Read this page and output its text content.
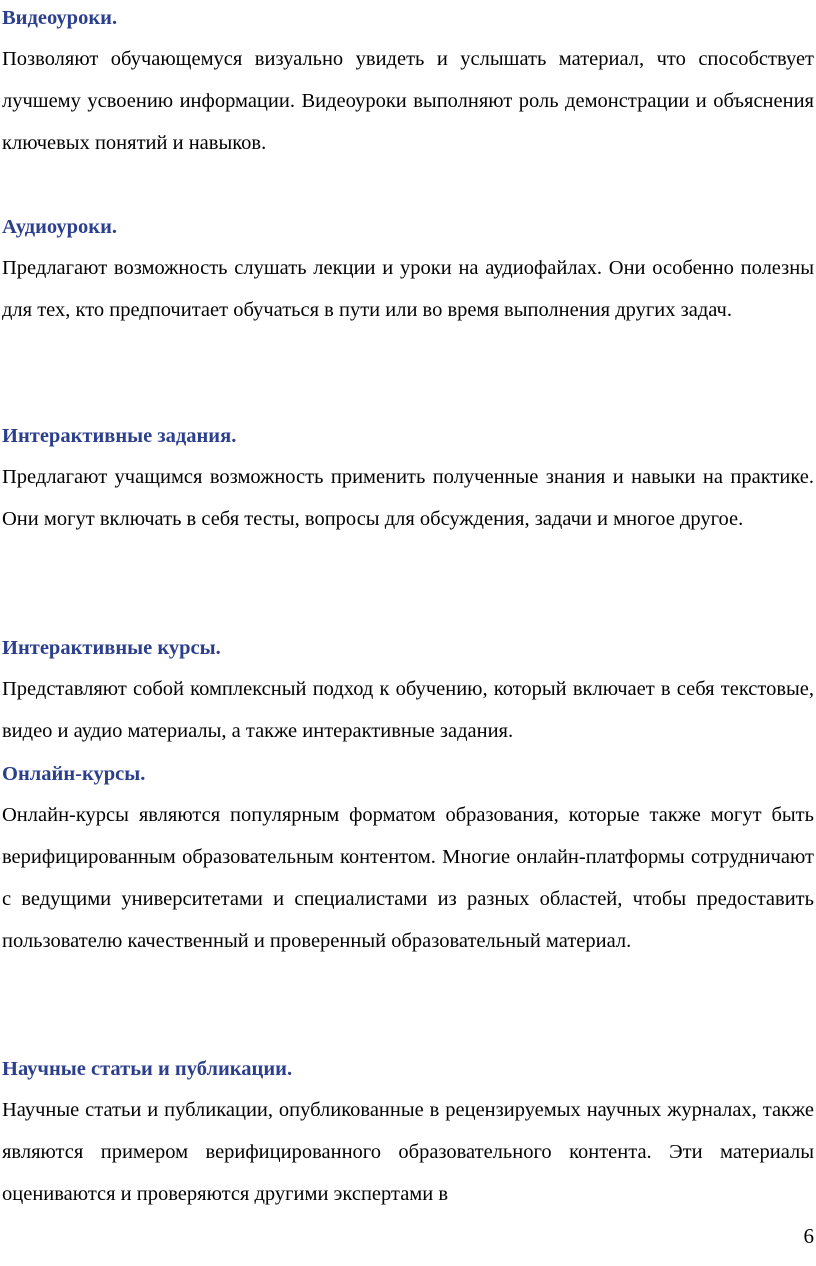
Видеоуроки.

Позволяют обучающемуся визуально увидеть и услышать материал, что способствует лучшему усвоению информации. Видеоуроки выполняют роль демонстрации и объяснения ключевых понятий и навыков.

Аудиоуроки.

Предлагают возможность слушать лекции и уроки на аудиофайлах. Они особенно полезны для тех, кто предпочитает обучаться в пути или во время выполнения других задач.

Интерактивные задания.

Предлагают учащимся возможность применить полученные знания и навыки на практике. Они могут включать в себя тесты, вопросы для обсуждения, задачи и многое другое.

Интерактивные курсы.

Представляют собой комплексный подход к обучению, который включает в себя текстовые, видео и аудио материалы, а также интерактивные задания.

Онлайн-курсы.

Онлайн-курсы являются популярным форматом образования, которые также могут быть верифицированным образовательным контентом. Многие онлайн-платформы сотрудничают с ведущими университетами и специалистами из разных областей, чтобы предоставить пользователю качественный и проверенный образовательный материал.

Научные статьи и публикации.

Научные статьи и публикации, опубликованные в рецензируемых научных журналах, также являются примером верифицированного образовательного контента. Эти материалы оцениваются и проверяются другими экспертами в

6
